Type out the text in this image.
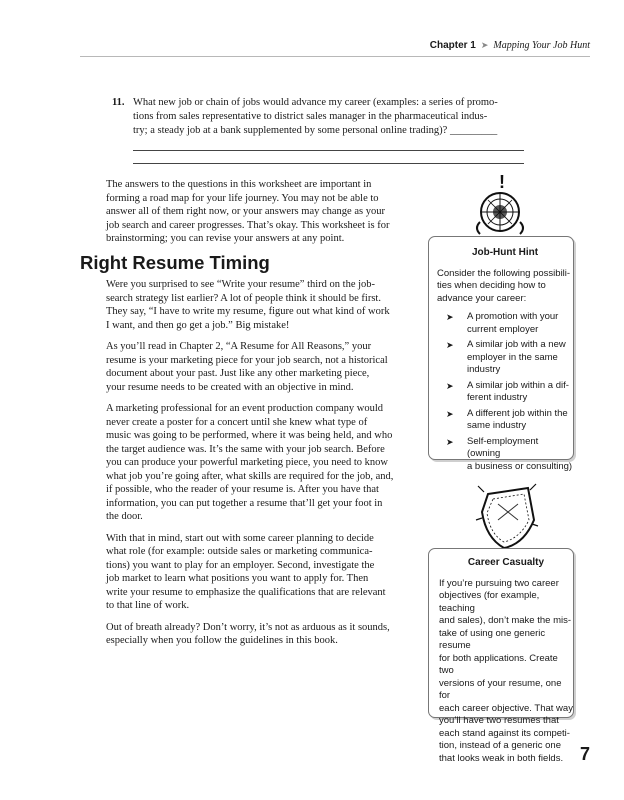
Chapter 1 ➤ Mapping Your Job Hunt
11. What new job or chain of jobs would advance my career (examples: a series of promo-
tions from sales representative to district sales manager in the pharmaceutical indus-
try; a steady job at a bank supplemented by some personal online trading)? _________
The answers to the questions in this worksheet are important in
forming a road map for your life journey. You may not be able to
answer all of them right now, or your answers may change as your
job search and career progresses. That’s okay. This worksheet is for
brainstorming; you can revise your answers at any point.
Right Resume Timing

Were you surprised to see “Write your resume” third on the job-
search strategy list earlier? A lot of people think it should be first.
They say, “I have to write my resume, figure out what kind of work
I want, and then go get a job.” Big mistake!

As you’ll read in Chapter 2, “A Resume for All Reasons,” your
resume is your marketing piece for your job search, not a historical
document about your past. Just like any other marketing piece,
your resume needs to be created with an objective in mind.

A marketing professional for an event production company would
never create a poster for a concert until she knew what type of
music was going to be performed, where it was being held, and who
the target audience was. It’s the same with your job search. Before
you can produce your powerful marketing piece, you need to know
what job you’re going after, what skills are required for the job, and,
if possible, who the reader of your resume is. After you have that
information, you can put together a resume that’ll get your foot in
the door.

With that in mind, start out with some career planning to decide
what role (for example: outside sales or marketing communica-
tions) you want to play for an employer. Second, investigate the
job market to learn what positions you want to apply for. Then
write your resume to emphasize the qualifications that are relevant
to that line of work.

Out of breath already? Don’t worry, it’s not as arduous as it sounds,
especially when you follow the guidelines in this book.

!
Job-Hunt Hint
Consider the following possibili-
ties when deciding how to
advance your career:
➤ A promotion with your
current employer
➤ A similar job with a new
employer in the same
industry
➤ A similar job within a dif-
ferent industry
➤ A different job within the
same industry
➤ Self-employment (owning
a business or consulting)
Career Casualty
If you’re pursuing two career
objectives (for example, teaching
and sales), don’t make the mis-
take of using one generic resume
for both applications. Create two
versions of your resume, one for
each career objective. That way
you’ll have two resumes that
each stand against its competi-
tion, instead of a generic one
that looks weak in both fields. 7
